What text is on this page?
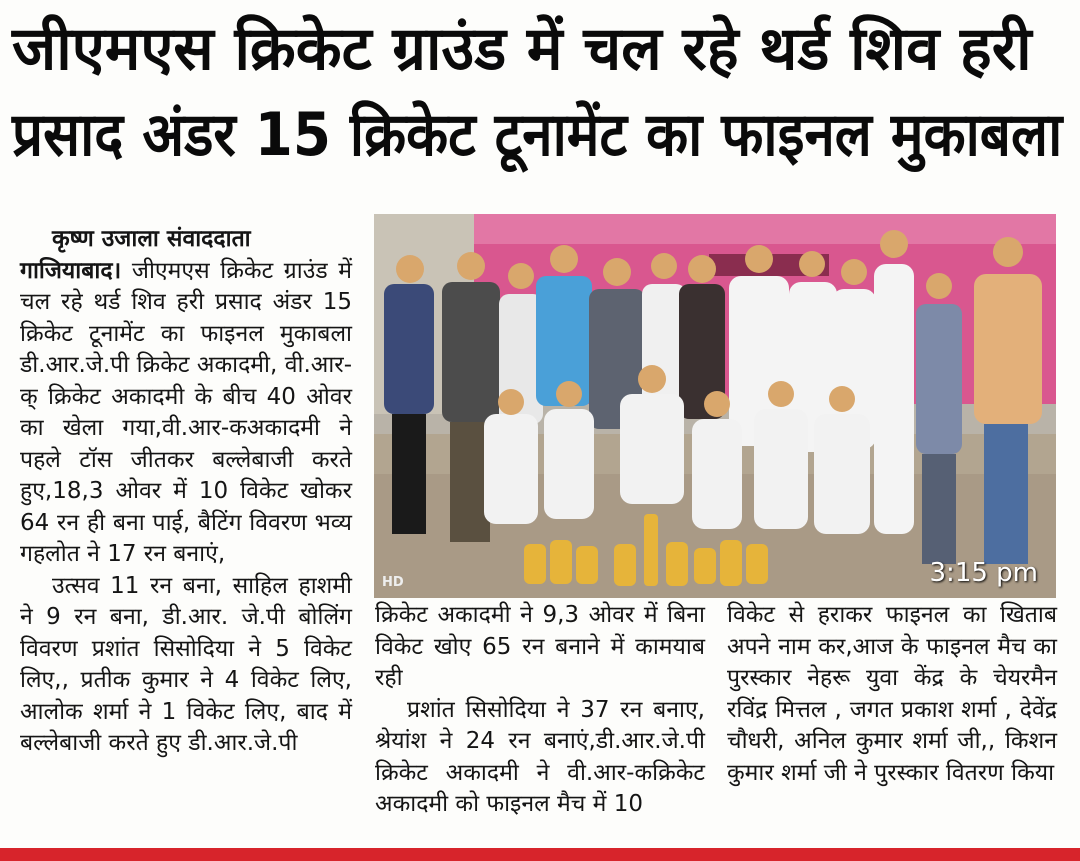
जीएमएस क्रिकेट ग्राउंड में चल रहे थर्ड शिव हरी
प्रसाद अंडर 15 क्रिकेट टूनामेंट का फाइनल मुकाबला
कृष्ण उजाला संवाददाता

गाजियाबाद। जीएमएस क्रिकेट ग्राउंड में चल रहे थर्ड शिव हरी प्रसाद अंडर 15 क्रिकेट टूनामेंट का फाइनल मुकाबला डी.आर.जे.पी क्रिकेट अकादमी, वी.आर-क् क्रिकेट अकादमी के बीच 40 ओवर का खेला गया,वी.आर-कअकादमी ने पहले टॉस जीतकर बल्लेबाजी करते हुए,18,3 ओवर में 10 विकेट खोकर 64 रन ही बना पाई, बैटिंग विवरण भव्य गहलोत ने 17 रन बनाएं,

उत्सव 11 रन बना, साहिल हाशमी ने 9 रन बना, डी.आर. जे.पी बोलिंग विवरण प्रशांत सिसोदिया ने 5 विकेट लिए,, प्रतीक कुमार ने 4 विकेट लिए, आलोक शर्मा ने 1 विकेट लिए, बाद में बल्लेबाजी करते हुए डी.आर.जे.पी

HD	3:15 pm

क्रिकेट अकादमी ने 9,3 ओवर में बिना विकेट खोए 65 रन बनाने में कामयाब रही

प्रशांत सिसोदिया ने 37 रन बनाए, श्रेयांश ने 24 रन बनाएं,डी.आर.जे.पी क्रिकेट अकादमी ने वी.आर-कक्रिकेट अकादमी को फाइनल मैच में 10

विकेट से हराकर फाइनल का खिताब अपने नाम कर,आज के फाइनल मैच का पुरस्कार नेहरू युवा केंद्र के चेयरमैन रविंद्र मित्तल , जगत प्रकाश शर्मा , देवेंद्र चौधरी, अनिल कुमार शर्मा जी,, किशन कुमार शर्मा जी ने पुरस्कार वितरण किया
